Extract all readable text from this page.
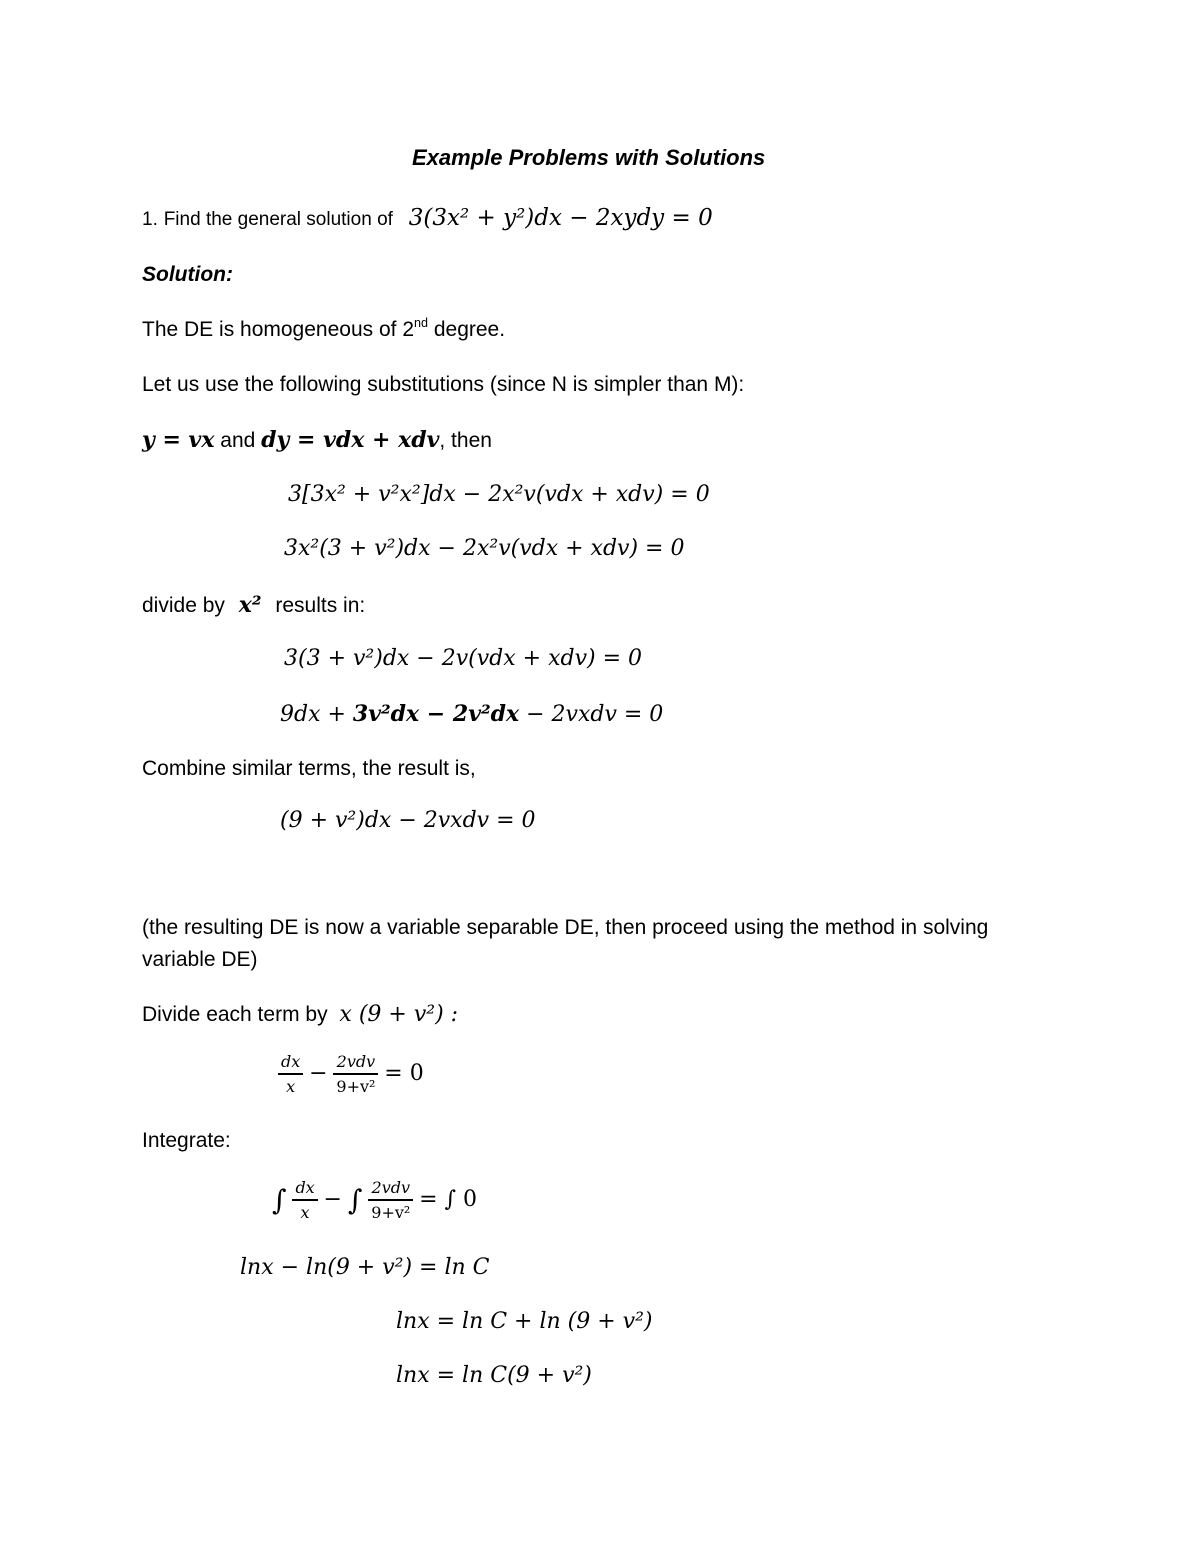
Example Problems with Solutions
1. Find the general solution of 3(3x² + y²)dx − 2xydy = 0
Solution:
The DE is homogeneous of 2nd degree.
Let us use the following substitutions (since N is simpler than M):
y = vx and dy = vdx + xdv, then
3[3x² + v²x²]dx − 2x²v(vdx + xdv) = 0
3x²(3 + v²)dx − 2x²v(vdx + xdv) = 0
divide by x² results in:
3(3 + v²)dx − 2v(vdx + xdv) = 0
9dx + 3v²dx − 2v²dx − 2vxdv = 0
Combine similar terms, the result is,
(9 + v²)dx − 2vxdv = 0
(the resulting DE is now a variable separable DE, then proceed using the method in solving
variable DE)
Divide each term by x (9 + v²) :
$\frac{dx}{x} - \frac{\text{2vdv}}{\text{9+v²}} = 0$
Integrate:
∫ $\frac{dx}{x}$ − ∫ $\frac{\text{2vdv}}{\text{9+v²}}$ = ∫ 0
lnx − ln(9 + v²) = ln C
lnx = ln C + ln (9 + v²)
lnx = ln C(9 + v²)
